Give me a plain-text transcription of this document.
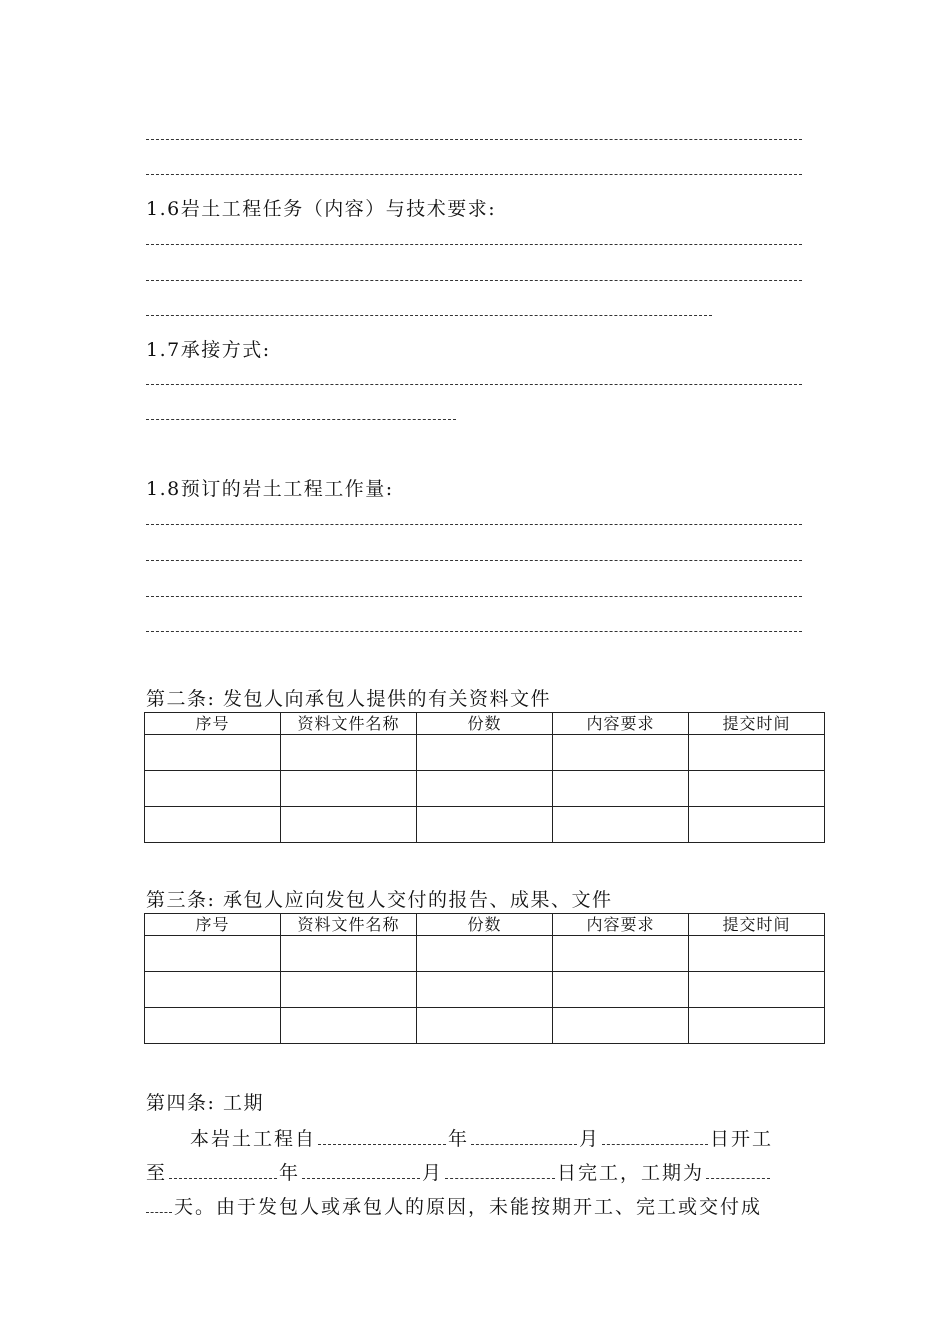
1.6岩土工程任务（内容）与技术要求:
1.7承接方式:
1.8预订的岩土工程工作量:
第二条: 发包人向承包人提供的有关资料文件
序号	资料文件名称	份数	内容要求	提交时间

第三条: 承包人应向发包人交付的报告、成果、文件
序号	资料文件名称	份数	内容要求	提交时间

第四条: 工期
本岩土工程自	年	月	日开工
至	年	月	日完工，工期为
天。由于发包人或承包人的原因，未能按期开工、完工或交付成
